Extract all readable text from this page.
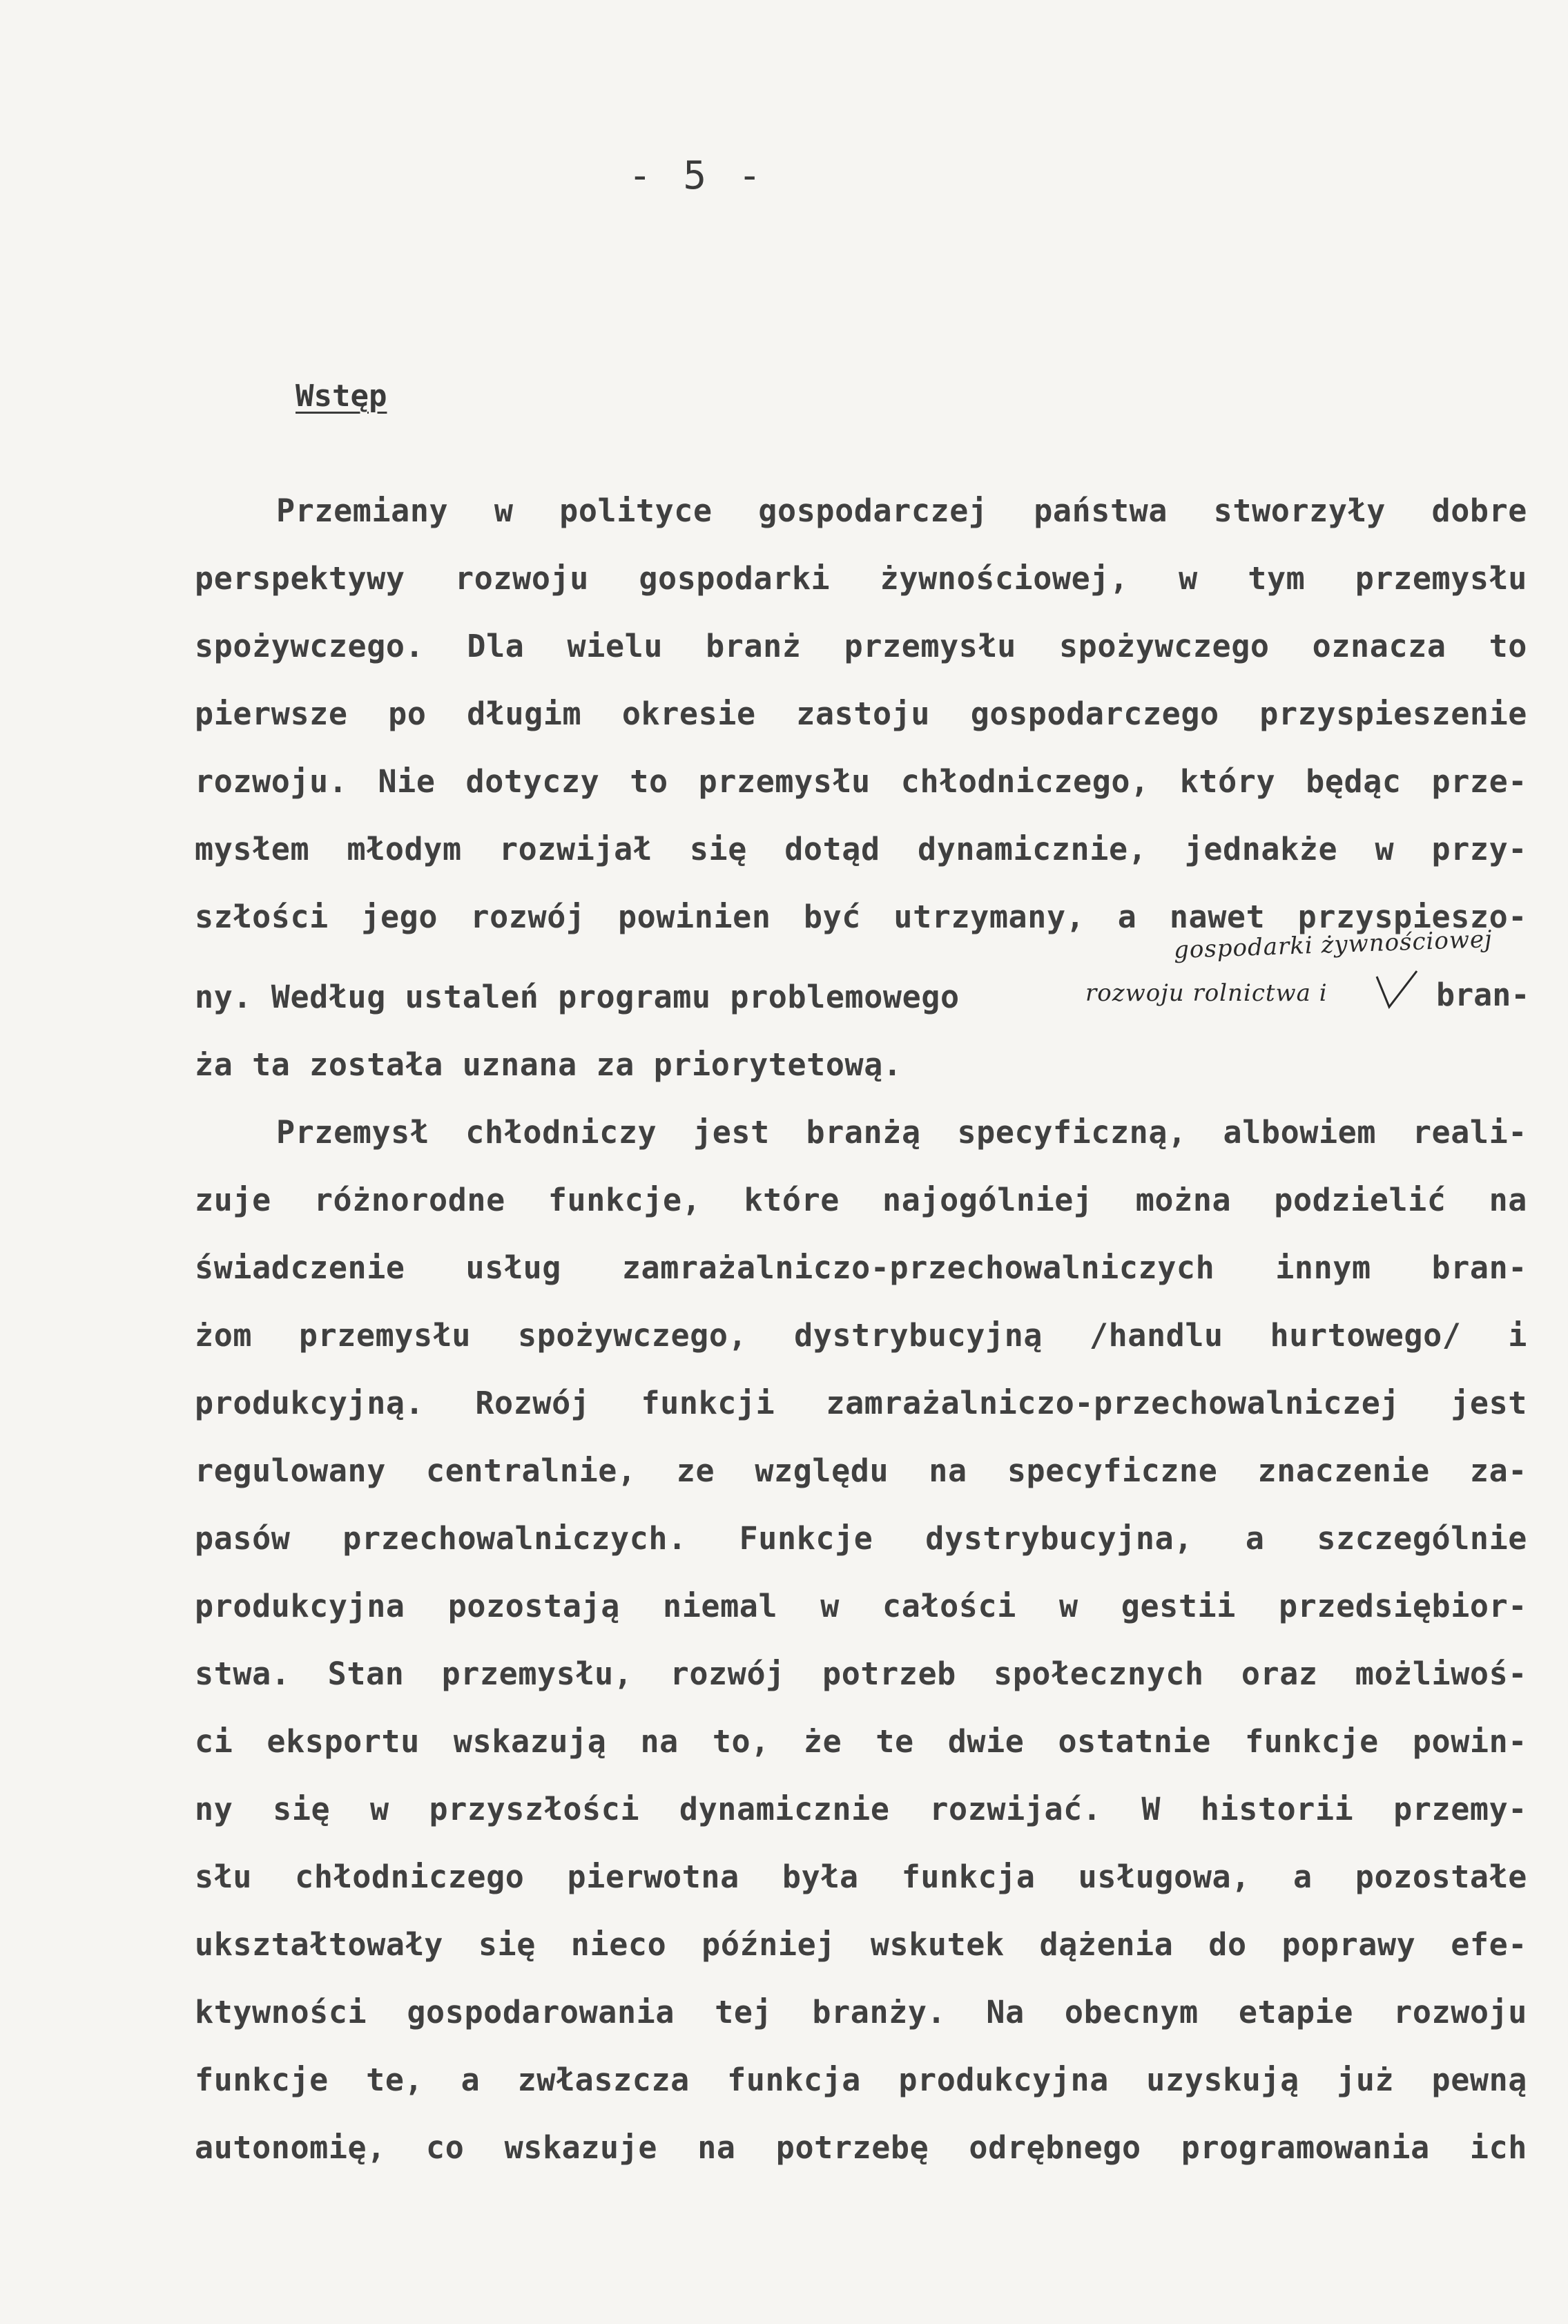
- 5 -
Wstęp
Przemiany w polityce gospodarczej państwa stworzyły dobre
perspektywy rozwoju gospodarki żywnościowej, w tym przemysłu
spożywczego. Dla wielu branż przemysłu spożywczego oznacza to
pierwsze po długim okresie zastoju gospodarczego przyspieszenie
rozwoju. Nie dotyczy to przemysłu chłodniczego, który będąc prze-
mysłem młodym rozwijał się dotąd dynamicznie, jednakże w przy-
szłości jego rozwój powinien być utrzymany, a nawet przyspieszo-
ny. Według ustaleń programu problemowego
gospodarki żywnościowej
rozwoju rolnictwa i	bran-
ża ta została uznana za priorytetową.
Przemysł chłodniczy jest branżą specyficzną, albowiem reali-
zuje różnorodne funkcje, które najogólniej można podzielić na
świadczenie usług zamrażalniczo-przechowalniczych innym bran-
żom przemysłu spożywczego, dystrybucyjną /handlu hurtowego/ i
produkcyjną. Rozwój funkcji zamrażalniczo-przechowalniczej jest
regulowany centralnie, ze względu na specyficzne znaczenie za-
pasów przechowalniczych. Funkcje dystrybucyjna, a szczególnie
produkcyjna pozostają niemal w całości w gestii przedsiębior-
stwa. Stan przemysłu, rozwój potrzeb społecznych oraz możliwoś-
ci eksportu wskazują na to, że te dwie ostatnie funkcje powin-
ny się w przyszłości dynamicznie rozwijać. W historii przemy-
słu chłodniczego pierwotna była funkcja usługowa, a pozostałe
ukształtowały się nieco później wskutek dążenia do poprawy efe-
ktywności gospodarowania tej branży. Na obecnym etapie rozwoju
funkcje te, a zwłaszcza funkcja produkcyjna uzyskują już pewną
autonomię, co wskazuje na potrzebę odrębnego programowania ich
